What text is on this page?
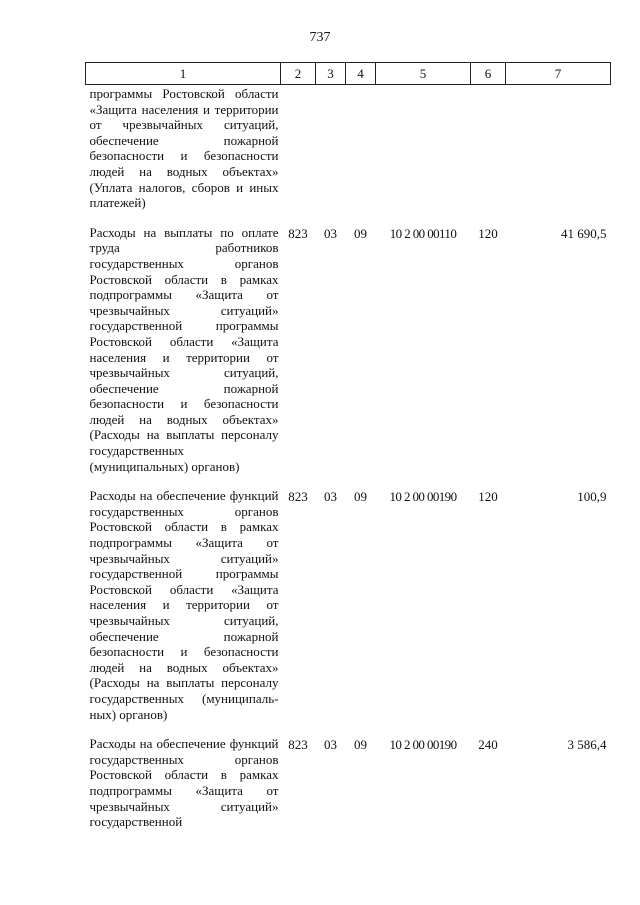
737
1	2	3	4	5	6	7
программы Ростовской области «Защита населения и территории от чрезвычайных ситуаций, обеспечение пожарной безопасности и безопасности людей на водных объектах» (Уплата налогов, сборов и иных платежей)						
Расходы на выплаты по оплате труда работников государственных органов Ростовской области в рамках подпрограммы «Защита от чрезвычайных ситуаций» государственной программы Ростовской области «Защита населения и территории от чрезвычайных ситуаций, обеспечение пожарной безопасности и безопасности людей на водных объектах» (Расходы на выплаты персоналу государственных (муниципальных) органов)	823	03	09	10 2 00 00110	120	41 690,5
Расходы на обеспечение функций государственных органов Ростовской области в рамках подпрограммы «Защита от чрезвычайных ситуаций» государственной программы Ростовской области «Защита населения и территории от чрезвычайных ситуаций, обеспечение пожарной безопасности и безопасности людей на водных объектах» (Расходы на выплаты персоналу государственных (муниципальных) органов)	823	03	09	10 2 00 00190	120	100,9
Расходы на обеспечение функций государственных органов Ростовской области в рамках подпрограммы «Защита от чрезвычайных ситуаций» государственной	823	03	09	10 2 00 00190	240	3 586,4
